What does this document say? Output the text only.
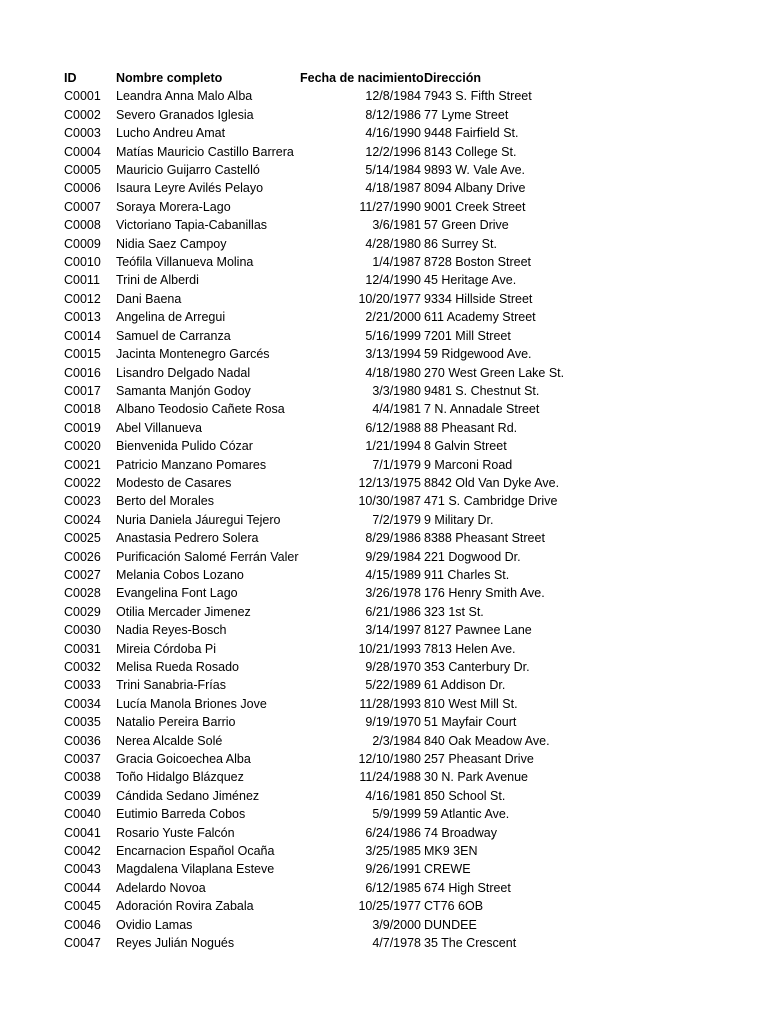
ID	Nombre completo	Fecha de nacimiento Dirección
C0001	Leandra Anna Malo Alba	12/8/1984 7943 S. Fifth Street
C0002	Severo Granados Iglesia	8/12/1986 77 Lyme Street
C0003	Lucho Andreu Amat	4/16/1990 9448 Fairfield St.
C0004	Matías Mauricio Castillo Barrera	12/2/1996 8143 College St.
C0005	Mauricio Guijarro Castelló	5/14/1984 9893 W. Vale Ave.
C0006	Isaura Leyre Avilés Pelayo	4/18/1987 8094 Albany Drive
C0007	Soraya Morera-Lago	11/27/1990 9001 Creek Street
C0008	Victoriano Tapia-Cabanillas	3/6/1981 57 Green Drive
C0009	Nidia Saez Campoy	4/28/1980 86 Surrey St.
C0010	Teófila Villanueva Molina	1/4/1987 8728 Boston Street
C0011	Trini de Alberdi	12/4/1990 45 Heritage Ave.
C0012	Dani Baena	10/20/1977 9334 Hillside Street
C0013	Angelina de Arregui	2/21/2000 611 Academy Street
C0014	Samuel de Carranza	5/16/1999 7201 Mill Street
C0015	Jacinta Montenegro Garcés	3/13/1994 59 Ridgewood Ave.
C0016	Lisandro Delgado Nadal	4/18/1980 270 West Green Lake St.
C0017	Samanta Manjón Godoy	3/3/1980 9481 S. Chestnut St.
C0018	Albano Teodosio Cañete Rosa	4/4/1981 7 N. Annadale Street
C0019	Abel Villanueva	6/12/1988 88 Pheasant Rd.
C0020	Bienvenida Pulido Cózar	1/21/1994 8 Galvin Street
C0021	Patricio Manzano Pomares	7/1/1979 9 Marconi Road
C0022	Modesto de Casares	12/13/1975 8842 Old Van Dyke Ave.
C0023	Berto del Morales	10/30/1987 471 S. Cambridge Drive
C0024	Nuria Daniela Jáuregui Tejero	7/2/1979 9 Military Dr.
C0025	Anastasia Pedrero Solera	8/29/1986 8388 Pheasant Street
C0026	Purificación Salomé Ferrán Valer	9/29/1984 221 Dogwood Dr.
C0027	Melania Cobos Lozano	4/15/1989 911 Charles St.
C0028	Evangelina Font Lago	3/26/1978 176 Henry Smith Ave.
C0029	Otilia Mercader Jimenez	6/21/1986 323 1st St.
C0030	Nadia Reyes-Bosch	3/14/1997 8127 Pawnee Lane
C0031	Mireia Córdoba Pi	10/21/1993 7813 Helen Ave.
C0032	Melisa Rueda Rosado	9/28/1970 353 Canterbury Dr.
C0033	Trini Sanabria-Frías	5/22/1989 61 Addison Dr.
C0034	Lucía Manola Briones Jove	11/28/1993 810 West Mill St.
C0035	Natalio Pereira Barrio	9/19/1970 51 Mayfair Court
C0036	Nerea Alcalde Solé	2/3/1984 840 Oak Meadow Ave.
C0037	Gracia Goicoechea Alba	12/10/1980 257 Pheasant Drive
C0038	Toño Hidalgo Blázquez	11/24/1988 30 N. Park Avenue
C0039	Cándida Sedano Jiménez	4/16/1981 850 School St.
C0040	Eutimio Barreda Cobos	5/9/1999 59 Atlantic Ave.
C0041	Rosario Yuste Falcón	6/24/1986 74 Broadway
C0042	Encarnacion Español Ocaña	3/25/1985 MK9 3EN
C0043	Magdalena Vilaplana Esteve	9/26/1991 CREWE
C0044	Adelardo Novoa	6/12/1985 674 High Street
C0045	Adoración Rovira Zabala	10/25/1977 CT76 6OB
C0046	Ovidio Lamas	3/9/2000 DUNDEE
C0047	Reyes Julián Nogués	4/7/1978 35 The Crescent
